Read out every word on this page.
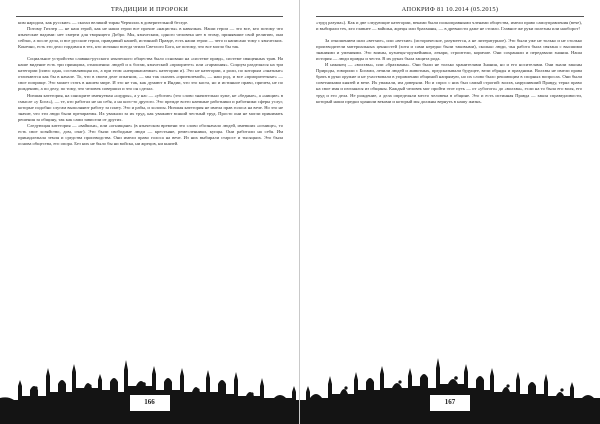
ТРАДИЦИИ И ПРОРОКИ

ким народом, как русские» — сказал великий тиран Черчилль в доверительной беседе.

Потому Гитлер — не наш герой, как не наши герои все прочие «нацисты» в кавычках. Наши герои — это все, кто потому что языческие вадими: нет смерти для творящего Добро. Мы, языческим, одного человека нет в этому, принявшие свой религию, они сейчас, а после дела, и все русские герои, правдивый нашей, истинной Правде, есть наши герои — чего и написано тому с языческих. Конечно, есть это дело гордимся в тех, кто истинно всегда чтили Светлого Бога, не потому, что все могло бы так.

Социальное устройство славяно-русского языческого общества было основано на «системе правд», системе священных трав. На наше видение есть три принципа, отношения: людей и к богам, языческий «приоритет» или «гармония». Социум разделялся на три категории (плюс одна, составляющая их, а при этом «неприкасаемые» категории и). Это не категории, а роли, по которым «знатные» отличаются как бы в начале. То, что в своем деле опытном, — мы так сказать «приемлемой», — наш род, и все «приоритетные» — свое поприще. Это может стать в нашем мире. И это не так, как думают в Индии, что это каста, но и истинное право, причем, не по рождению, а по делу, по тому, что человек совершил и что он сделал.

Низшая категория, на санскрите именуемая «шудры», а у нас — «убогие» (это слово значительно хуже, не «бедные», а «нищие» в смысле «у Бога»), — те, кто работал не на себя, а на кого-то другого. Это прежде всего наемные работники и работники сферы услуг, которые подобно слугам выполняют работу за плату. Это и рабы, и холопы. Низшая категория не имела прав голоса на вече. Но это не значит, что эти люди были презираемы. Их уважали за их труд, как уважают всякий честный труд. Просто они не могли принимать решения за общину, так как сами зависели от других.

Следующая категория — «вайшьи», или «огнищане» (в языческом времени это слово обозначало людей, имевших «огнище», то есть свое хозяйство, дом, очаг). Это были свободные люди — крестьяне, ремесленники, купцы. Они работали на себя. Им принадлежала земля и средства производства. Они имели право голоса на вече. Из них выбирали старост и тысяцких. Это была основа общества, его опора. Без них не было бы ни войска, ни жрецов, ни князей.

166
АПОКРИФ 81 10.2014 (05.2015)

«труд разума»). Как и две следующие категории, веками были полноправными членами общества, имели право самоуправления (вече), и выбирали тех, кто главнее — вайшья, жрецы или брахманы, — в древности даже не стоило. Главное же руки полезны или наоборот!

За отношением шли «ветхие», или «ветхие» (историческое, разумеется, а не литературное). Это были уже не только и не столько производители материальных ценностей (хотя и сами нередко были таковыми), сколько люди, чья работа была связана с высшими знаниями и умениями. Это воины, кузнецы-оружейники, лекари, строители, кормчие. Они сохраняли и передавали знания. Наша история — люди правды и чести. В их руках была защита рода.

И наконец — «волхвы», или «брахманы». Они были не только хранителями Знания, но и его носителями. Они знали законы Природы, говорили с Богами, лечили людей и животных, предсказывали будущее, вели обряды и праздники. Волхвы не имели права брать в руки оружие и не участвовали в управлении общиной напрямую, но их слово было решающим в спорных вопросах. Они были советниками князей и вече. Их уважали, им доверяли. Но и спрос с них был самый строгий: волхв, нарушивший Правду, терял право на свое имя и изгонялся из общины. Каждый человек мог пройти этот путь — от «убогого» до «волхва», если на то была его воля, его труд и его дела. Не рождение, а дела определяли место человека в общине. Это и есть истинная Правда — закон справедливости, который наши предки хранили веками и который мы должны вернуть в нашу жизнь.

167
